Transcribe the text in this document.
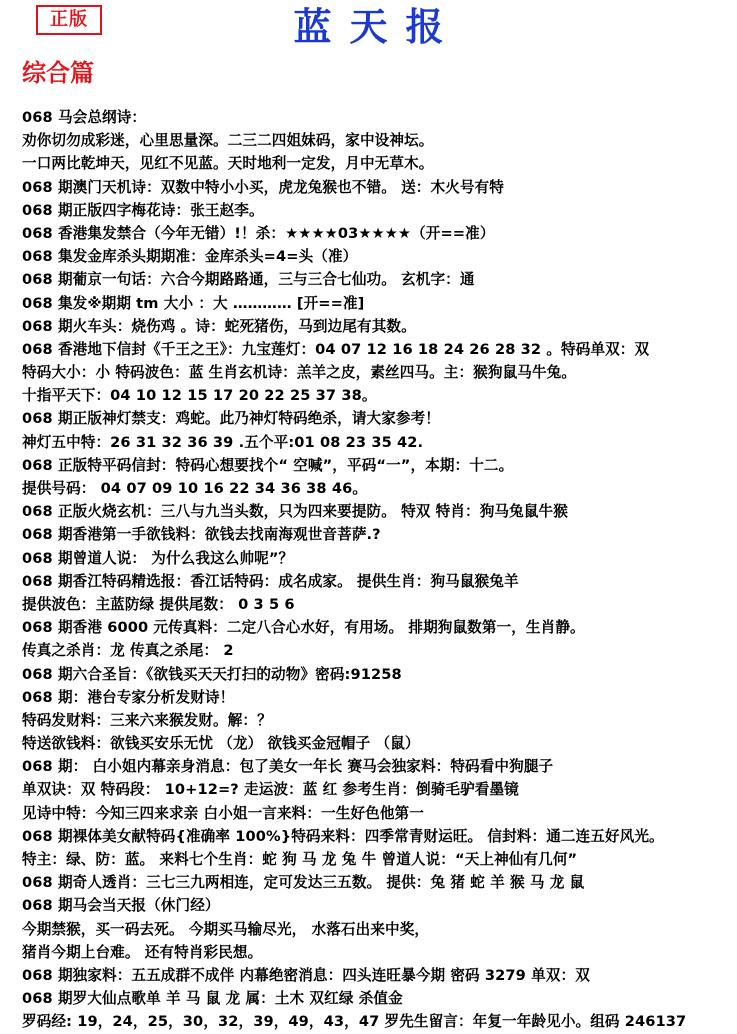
正版	蓝天报
综合篇
068 马会总纲诗：
劝你切勿成彩迷，心里思量深。二三二四姐妹码，家中设神坛。
一口两比乾坤天，见红不见蓝。天时地利一定发，月中无草木。
068 期澳门天机诗：双数中特小小买，虎龙兔猴也不错。 送：木火号有特
068 期正版四字梅花诗：张王赵李。
068 香港集发禁合（今年无错）!！杀：★★★★03★★★★（开==准）
068 集发金库杀头期期准：金库杀头=4=头（准）
068 期葡京一句话：六合今期路路通，三与三合七仙功。 玄机字：通
068 集发※期期 tm 大小 ：大 ………… [开==准]
068 期火车头：烧伤鸡 。诗：蛇死猪伤，马到边尾有其数。
068 香港地下信封《千王之王》：九宝莲灯：04 07 12 16 18 24 26 28 32 。特码单双：双
特码大小：小 特码波色：蓝 生肖玄机诗：羔羊之皮，素丝四马。主：猴狗鼠马牛兔。
十指平天下：04 10 12 15 17 20 22 25 37 38。
068 期正版神灯禁支：鸡蛇。此乃神灯特码绝杀，请大家参考！
神灯五中特：26 31 32 36 39 .五个平:01 08 23 35 42.
068 正版特平码信封：特码心想要找个“ 空喊”，平码“一”，本期：十二。
提供号码： 04 07 09 10 16 22 34 36 38 46。
068 正版火烧玄机：三八与九当头数，只为四来要提防。 特双 特肖：狗马兔鼠牛猴
068 期香港第一手欲钱料：欲钱去找南海观世音菩萨.?
068 期曾道人说： 为什么我这么帅呢”？
068 期香江特码精选报：香江话特码：成名成家。 提供生肖：狗马鼠猴兔羊
提供波色：主蓝防绿 提供尾数： 0 3 5 6
068 期香港 6000 元传真料：二定八合心水好，有用场。 排期狗鼠数第一，生肖静。
传真之杀肖：龙 传真之杀尾： 2
068 期六合圣旨：《欲钱买天天打扫的动物》密码:91258
068 期：港台专家分析发财诗！
特码发财料：三来六来猴发财。解：？
特送欲钱料：欲钱买安乐无忧 （龙） 欲钱买金冠帽子 （鼠）
068 期： 白小姐内幕亲身消息：包了美女一年长 赛马会独家料：特码看中狗腿子
单双诀：双 特码段： 10+12=? 走运波：蓝 红 参考生肖：倒骑毛驴看墨镜
见诗中特：今知三四来求亲 白小姐一言来料：一生好色他第一
068 期裸体美女献特码{准确率 100%}特码来料：四季常青财运旺。 信封料：通二连五好风光。
特主：绿、防：蓝。 来料七个生肖：蛇 狗 马 龙 兔 牛 曾道人说：“天上神仙有几何”
068 期奇人透肖：三七三九两相连，定可发达三五数。 提供：兔 猪 蛇 羊 猴 马 龙 鼠
068 期马会当天报（休门经）
今期禁猴，买一码去死。 今期买马输尽光， 水落石出来中奖，
猪肖今期上台难。 还有特肖彩民想。
068 期独家料：五五成群不成伴 内幕绝密消息：四头连旺暴今期 密码 3279 单双：双
068 期罗大仙点歌单 羊 马 鼠 龙 属：土木 双红绿 杀值金
罗码经: 19，24，25，30，32，39，49，43，47 罗先生留言：年复一年龄见小。组码 246137
